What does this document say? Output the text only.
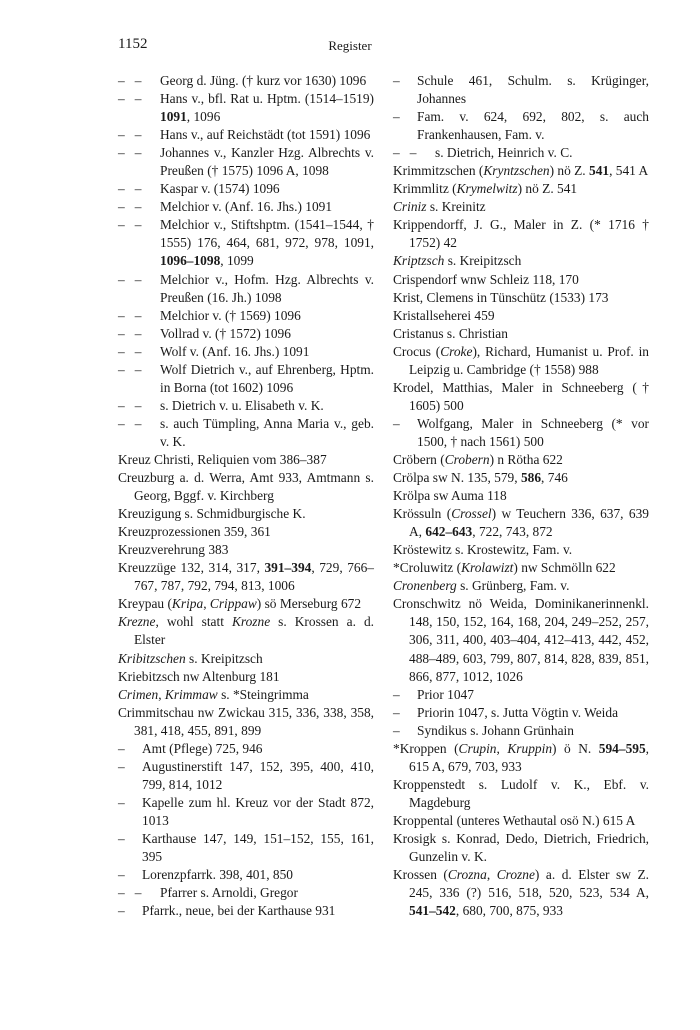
1152	Register

–   – Georg d. Jüng. († kurz vor 1630) 1096

–   – Hans v., bfl. Rat u. Hptm. (1514–1519) 1091, 1096

–   – Hans v., auf Reichstädt (tot 1591) 1096

–   – Johannes v., Kanzler Hzg. Albrechts v. Preußen († 1575) 1096 A, 1098

–   – Kaspar v. (1574) 1096

–   – Melchior v. (Anf. 16. Jhs.) 1091

–   – Melchior v., Stiftshptm. (1541–1544, † 1555) 176, 464, 681, 972, 978, 1091, 1096–1098, 1099

–   – Melchior v., Hofm. Hzg. Albrechts v. Preußen (16. Jh.) 1098

–   – Melchior v. († 1569) 1096

–   – Vollrad v. († 1572) 1096

–   – Wolf v. (Anf. 16. Jhs.) 1091

–   – Wolf Dietrich v., auf Ehrenberg, Hptm. in Borna (tot 1602) 1096

–   – s. Dietrich v. u. Elisabeth v. K.

–   – s. auch Tümpling, Anna Maria v., geb. v. K.

Kreuz Christi, Reliquien vom 386–387

Creuzburg a. d. Werra, Amt 933, Amtmann s. Georg, Bggf. v. Kirchberg

Kreuzigung s. Schmidburgische K.

Kreuzprozessionen 359, 361

Kreuzverehrung 383

Kreuzzüge 132, 314, 317, 391–394, 729, 766–767, 787, 792, 794, 813, 1006

Kreypau (Kripa, Crippaw) sö Merseburg 672

Krezne, wohl statt Krozne s. Krossen a. d. Elster

Kribitzschen s. Kreipitzsch

Kriebitzsch nw Altenburg 181

Crimen, Krimmaw s. *Steingrimma

Crimmitschau nw Zwickau 315, 336, 338, 358, 381, 418, 455, 891, 899

– Amt (Pflege) 725, 946

– Augustinerstift 147, 152, 395, 400, 410, 799, 814, 1012

– Kapelle zum hl. Kreuz vor der Stadt 872, 1013

– Karthause 147, 149, 151–152, 155, 161, 395

– Lorenzpfarrk. 398, 401, 850

–   – Pfarrer s. Arnoldi, Gregor

– Pfarrk., neue, bei der Karthause 931

– Schule 461, Schulm. s. Krüginger, Johannes

– Fam. v. 624, 692, 802, s. auch Frankenhausen, Fam. v.

–   – s. Dietrich, Heinrich v. C.

Krimmitzschen (Kryntzschen) nö Z. 541, 541 A

Krimmlitz (Krymelwitz) nö Z. 541

Criniz s. Kreinitz

Krippendorff, J. G., Maler in Z. (* 1716 † 1752) 42

Kriptzsch s. Kreipitzsch

Crispendorf wnw Schleiz 118, 170

Krist, Clemens in Tünschütz (1533) 173

Kristallseherei 459

Cristanus s. Christian

Crocus (Croke), Richard, Humanist u. Prof. in Leipzig u. Cambridge († 1558) 988

Krodel, Matthias, Maler in Schneeberg († 1605) 500

– Wolfgang, Maler in Schneeberg (* vor 1500, † nach 1561) 500

Cröbern (Crobern) n Rötha 622

Crölpa sw N. 135, 579, 586, 746

Krölpa sw Auma 118

Krössuln (Crossel) w Teuchern 336, 637, 639 A, 642–643, 722, 743, 872

Kröstewitz s. Krostewitz, Fam. v.

*Croluwitz (Krolawizt) nw Schmölln 622

Cronenberg s. Grünberg, Fam. v.

Cronschwitz nö Weida, Dominikanerinnenkl. 148, 150, 152, 164, 168, 204, 249–252, 257, 306, 311, 400, 403–404, 412–413, 442, 452, 488–489, 603, 799, 807, 814, 828, 839, 851, 866, 877, 1012, 1026

– Prior 1047

– Priorin 1047, s. Jutta Vögtin v. Weida

– Syndikus s. Johann Grünhain

*Kroppen (Crupin, Kruppin) ö N. 594–595, 615 A, 679, 703, 933

Kroppenstedt s. Ludolf v. K., Ebf. v. Magdeburg

Kroppental (unteres Wethautal osö N.) 615 A

Krosigk s. Konrad, Dedo, Dietrich, Friedrich, Gunzelin v. K.

Krossen (Crozna, Crozne) a. d. Elster sw Z. 245, 336 (?) 516, 518, 520, 523, 534 A, 541–542, 680, 700, 875, 933
